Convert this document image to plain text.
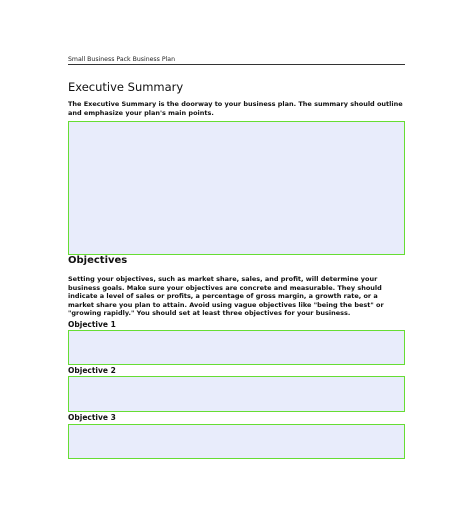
Small Business Pack Business Plan
Executive Summary
The Executive Summary is the doorway to your business plan. The summary should outline and emphasize your plan's main points.
Objectives
Setting your objectives, such as market share, sales, and profit, will determine your business goals. Make sure your objectives are concrete and measurable. They should indicate a level of sales or profits, a percentage of gross margin, a growth rate, or a market share you plan to attain. Avoid using vague objectives like "being the best" or "growing rapidly." You should set at least three objectives for your business.
Objective 1
Objective 2
Objective 3
